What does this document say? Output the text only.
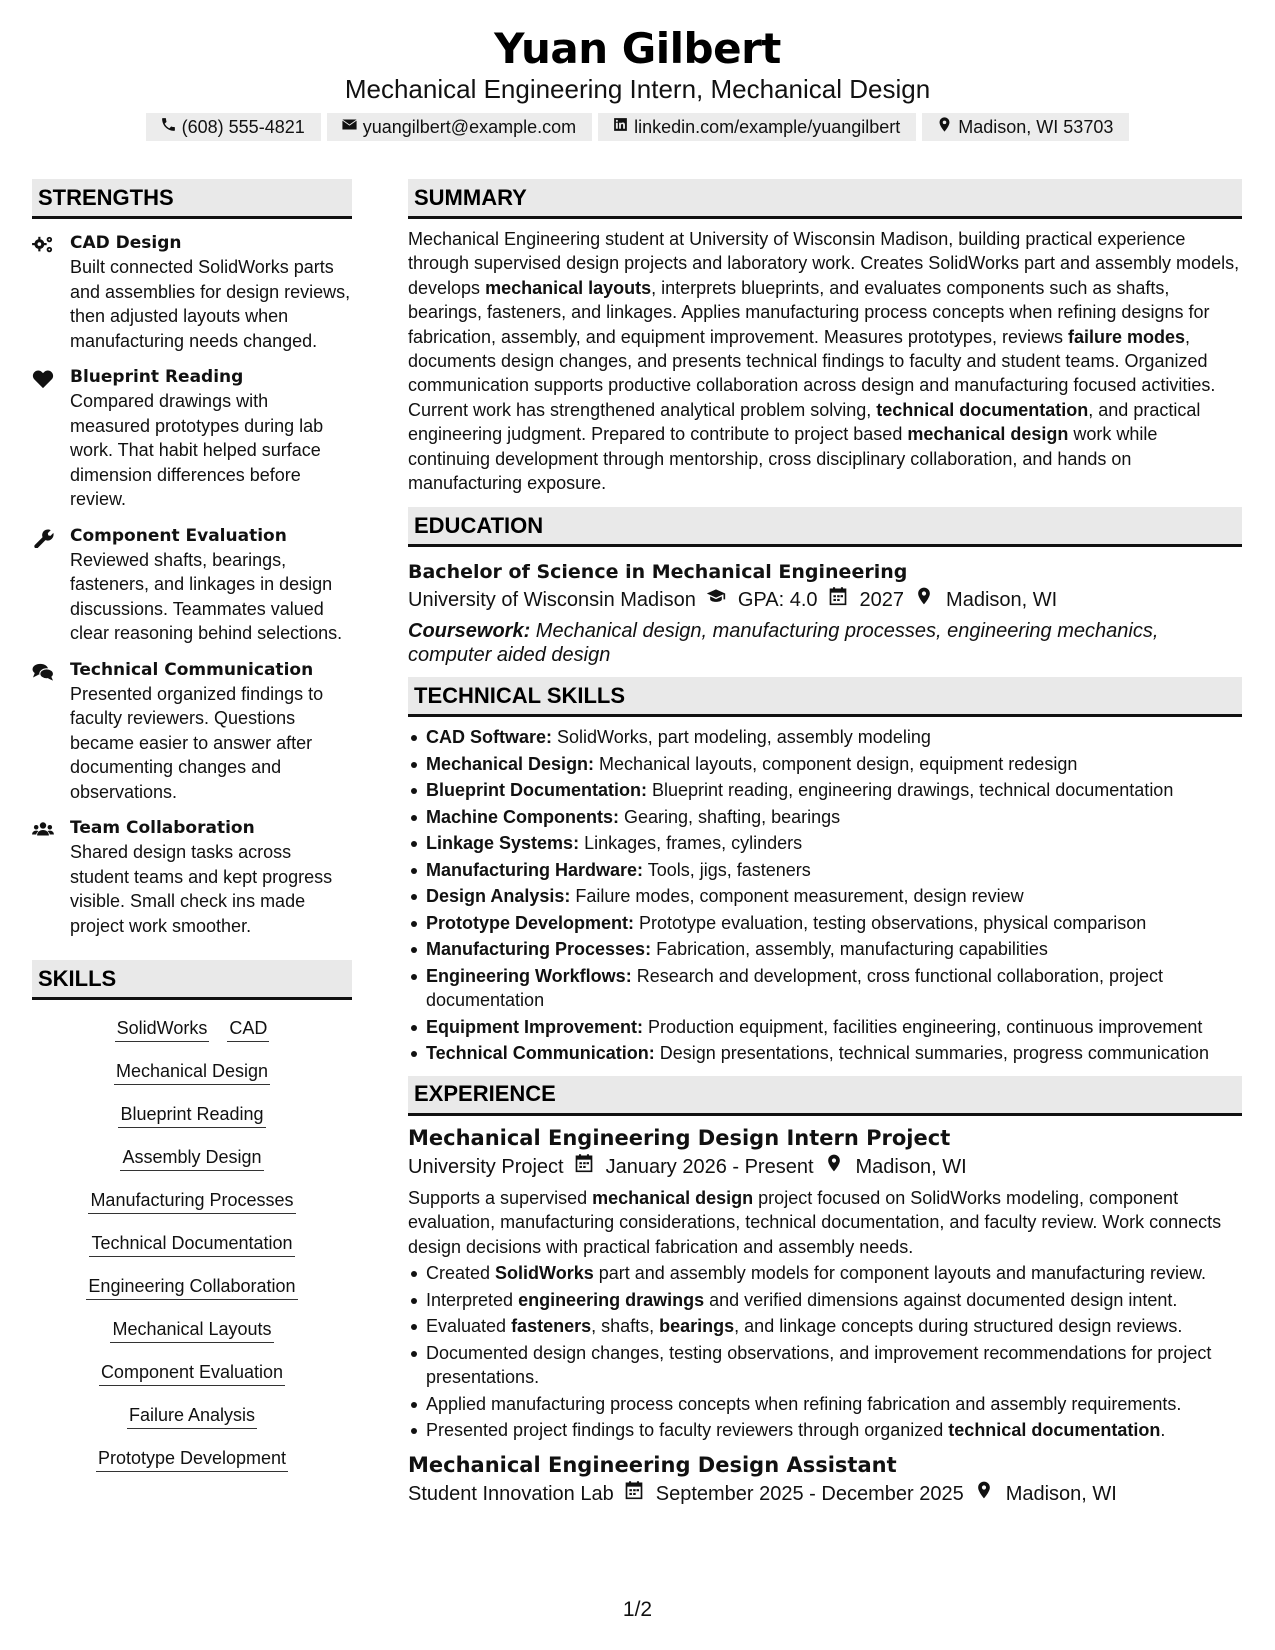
Yuan Gilbert
Mechanical Engineering Intern, Mechanical Design
(608) 555-4821	yuangilbert@example.com	linkedin.com/example/yuangilbert	Madison, WI 53703
STRENGTHS
CAD Design
Built connected SolidWorks parts and assemblies for design reviews, then adjusted layouts when manufacturing needs changed.
Blueprint Reading
Compared drawings with measured prototypes during lab work. That habit helped surface dimension differences before review.
Component Evaluation
Reviewed shafts, bearings, fasteners, and linkages in design discussions. Teammates valued clear reasoning behind selections.
Technical Communication
Presented organized findings to faculty reviewers. Questions became easier to answer after documenting changes and observations.
Team Collaboration
Shared design tasks across student teams and kept progress visible. Small check ins made project work smoother.
SKILLS
SolidWorks CAD
Mechanical Design
Blueprint Reading
Assembly Design
Manufacturing Processes
Technical Documentation
Engineering Collaboration
Mechanical Layouts
Component Evaluation
Failure Analysis
Prototype Development
SUMMARY
Mechanical Engineering student at University of Wisconsin Madison, building practical experience through supervised design projects and laboratory work. Creates SolidWorks part and assembly models, develops mechanical layouts, interprets blueprints, and evaluates components such as shafts, bearings, fasteners, and linkages. Applies manufacturing process concepts when refining designs for fabrication, assembly, and equipment improvement. Measures prototypes, reviews failure modes, documents design changes, and presents technical findings to faculty and student teams. Organized communication supports productive collaboration across design and manufacturing focused activities. Current work has strengthened analytical problem solving, technical documentation, and practical engineering judgment. Prepared to contribute to project based mechanical design work while continuing development through mentorship, cross disciplinary collaboration, and hands on manufacturing exposure.
EDUCATION
Bachelor of Science in Mechanical Engineering
University of Wisconsin Madison GPA: 4.0 2027 Madison, WI
Coursework: Mechanical design, manufacturing processes, engineering mechanics, computer aided design
TECHNICAL SKILLS
CAD Software: SolidWorks, part modeling, assembly modeling
Mechanical Design: Mechanical layouts, component design, equipment redesign
Blueprint Documentation: Blueprint reading, engineering drawings, technical documentation
Machine Components: Gearing, shafting, bearings
Linkage Systems: Linkages, frames, cylinders
Manufacturing Hardware: Tools, jigs, fasteners
Design Analysis: Failure modes, component measurement, design review
Prototype Development: Prototype evaluation, testing observations, physical comparison
Manufacturing Processes: Fabrication, assembly, manufacturing capabilities
Engineering Workflows: Research and development, cross functional collaboration, project documentation
Equipment Improvement: Production equipment, facilities engineering, continuous improvement
Technical Communication: Design presentations, technical summaries, progress communication
EXPERIENCE
Mechanical Engineering Design Intern Project
University Project January 2026 - Present Madison, WI
Supports a supervised mechanical design project focused on SolidWorks modeling, component evaluation, manufacturing considerations, technical documentation, and faculty review. Work connects design decisions with practical fabrication and assembly needs.
Created SolidWorks part and assembly models for component layouts and manufacturing review.
Interpreted engineering drawings and verified dimensions against documented design intent.
Evaluated fasteners, shafts, bearings, and linkage concepts during structured design reviews.
Documented design changes, testing observations, and improvement recommendations for project presentations.
Applied manufacturing process concepts when refining fabrication and assembly requirements.
Presented project findings to faculty reviewers through organized technical documentation.
Mechanical Engineering Design Assistant
Student Innovation Lab September 2025 - December 2025 Madison, WI
1/2
